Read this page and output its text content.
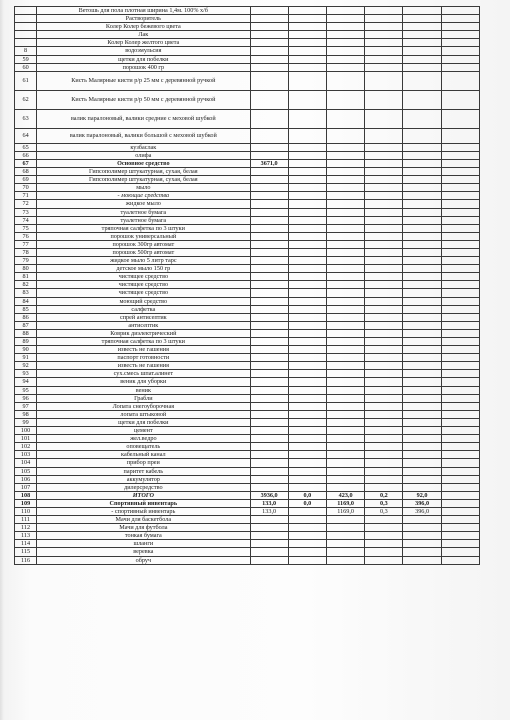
	Ветошь для пола плотная ширина 1,4м. 100% х/б						
	Растворитель						
	Колер Колер бежевого цвета						
	Лак						
	Колер Колер желтого цвета						
8	водоэмульсия						
59	щетки для побелки						
60	порошок 400 гр						
61	Кисть Малярные кисти р/р 25 мм с деревянной ручкой						
62	Кисть Малярные кисти р/р 50 мм с деревянной ручкой						
63	валик паралоновый, валики средние с меховой шубкой						
64	валик паралоновый, валики большой с меховой шубкой						
65	кузбаслак						
66	олифа						
67	Основное средство	3671,0					
68	Гипсополимер штукатурная, сухая, белая						
69	Гипсополимер штукатурная, сухая, белая						
70	мыло						
71	- моющие средства						
72	жидкое мыло						
73	туалетное бумага						
74	туалетное бумага						
75	тряпочная салфетка по 3 штуки						
76	порошок универсальный						
77	порошок 300гр автомат						
78	порошок 500гр автомат						
79	жидкое мыло 5 литр тарс						
80	детское мыло 150 гр						
81	чистящее средство						
82	чистящее средство						
83	чистящее средство						
84	моющий средство						
85	салфетка						
86	спрей антисептик						
87	антисептик						
88	Коврик диэлектрический						
89	тряпочная салфетка по 3 штуки						
90	известь не гашения						
91	паспорт готовности						
92	известь не гашения						
93	сух.смесь шпат.алинет						
94	веник для уборки						
95	веник						
96	Грабли						
97	Лопата снегоуборочная						
98	лопата штыковой						
99	щетки для побелки						
100	цемент						
101	жел.ведро						
102	оповещатель						
103	кабельный канал						
104	прибор преи						
105	паритет кабель						
106	аккумулятор						
107	дилерсредство						
108	ИТОГО	3936,0	0,0	423,0	0,2	92,0	
109	Спортивный инвентарь	133,0	0,0	1169,0	0,3	396,0	
110	- спортивный инвентарь	133,0		1169,0	0,3	396,0	
111	Мачи для баскетбола						
112	Мачи для футбола						
113	тонкая бумага						
114	шланги						
115	веревка						
116	обруч						
